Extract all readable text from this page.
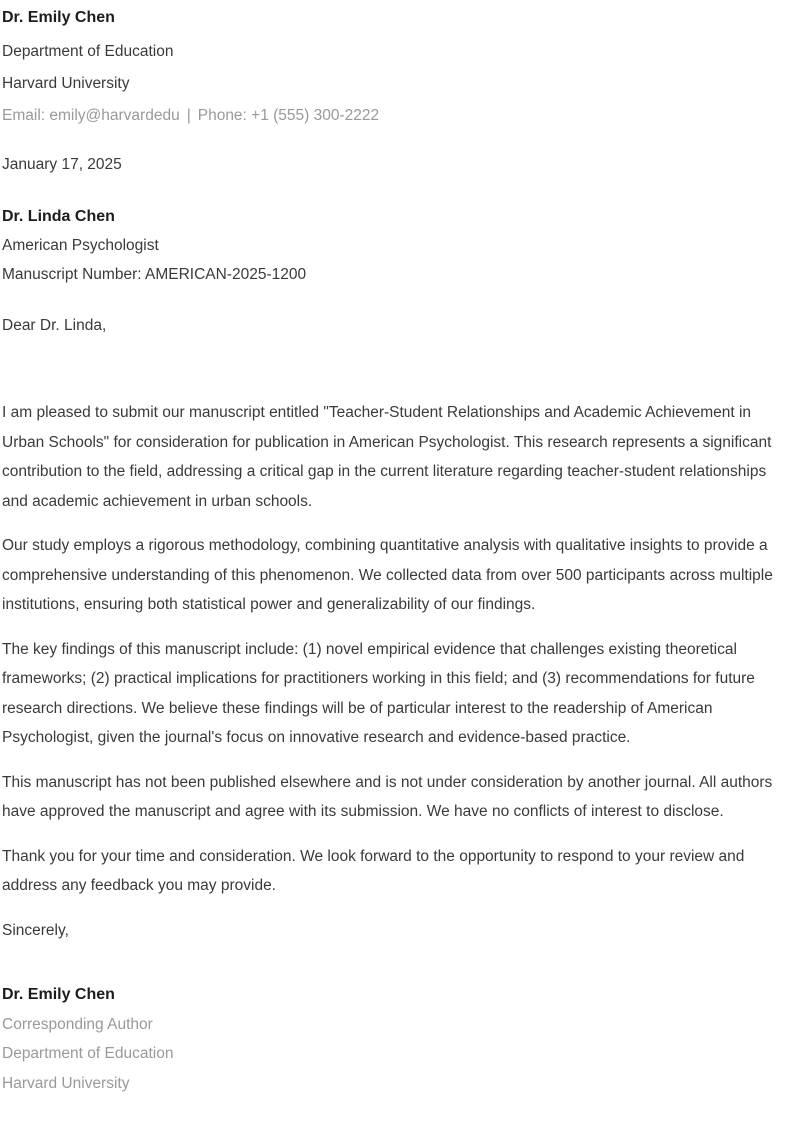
Dr. Emily Chen

Department of Education

Harvard University

Email: emily@harvardedu | Phone: +1 (555) 300-2222

January 17, 2025

Dr. Linda Chen

American Psychologist

Manuscript Number: AMERICAN-2025-1200

Dear Dr. Linda,

I am pleased to submit our manuscript entitled "Teacher-Student Relationships and Academic Achievement in Urban Schools" for consideration for publication in American Psychologist. This research represents a significant contribution to the field, addressing a critical gap in the current literature regarding teacher-student relationships and academic achievement in urban schools.

Our study employs a rigorous methodology, combining quantitative analysis with qualitative insights to provide a comprehensive understanding of this phenomenon. We collected data from over 500 participants across multiple institutions, ensuring both statistical power and generalizability of our findings.

The key findings of this manuscript include: (1) novel empirical evidence that challenges existing theoretical frameworks; (2) practical implications for practitioners working in this field; and (3) recommendations for future research directions. We believe these findings will be of particular interest to the readership of American Psychologist, given the journal's focus on innovative research and evidence-based practice.

This manuscript has not been published elsewhere and is not under consideration by another journal. All authors have approved the manuscript and agree with its submission. We have no conflicts of interest to disclose.

Thank you for your time and consideration. We look forward to the opportunity to respond to your review and address any feedback you may provide.

Sincerely,

Dr. Emily Chen
Corresponding Author
Department of Education
Harvard University
